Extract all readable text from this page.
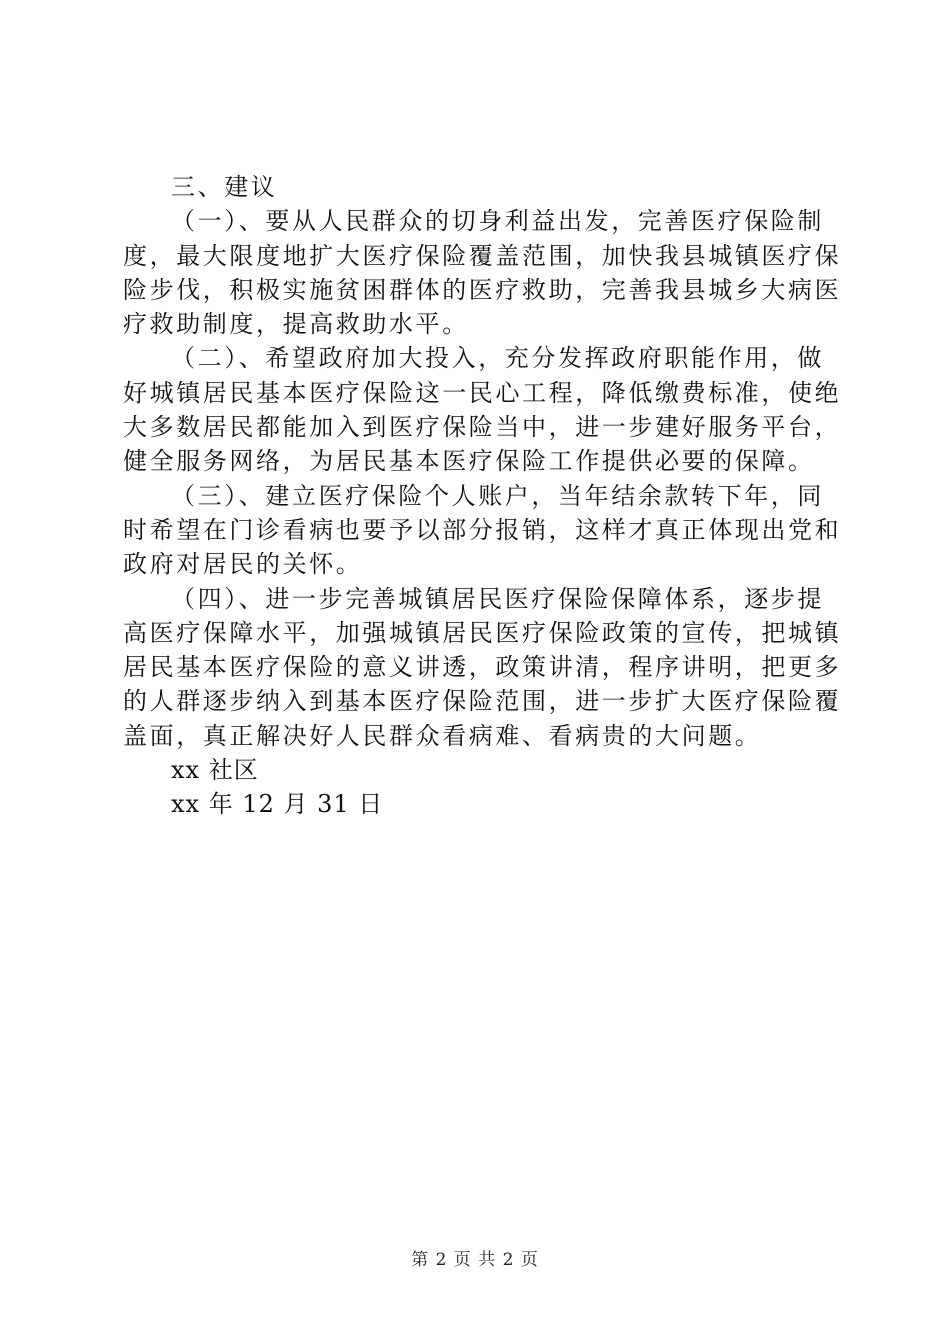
三、建议
（一）、要从人民群众的切身利益出发，完善医疗保险制
度，最大限度地扩大医疗保险覆盖范围，加快我县城镇医疗保
险步伐，积极实施贫困群体的医疗救助，完善我县城乡大病医
疗救助制度，提高救助水平。
（二）、希望政府加大投入，充分发挥政府职能作用，做
好城镇居民基本医疗保险这一民心工程，降低缴费标准，使绝
大多数居民都能加入到医疗保险当中，进一步建好服务平台，
健全服务网络，为居民基本医疗保险工作提供必要的保障。
（三）、建立医疗保险个人账户，当年结余款转下年，同
时希望在门诊看病也要予以部分报销，这样才真正体现出党和
政府对居民的关怀。
（四）、进一步完善城镇居民医疗保险保障体系，逐步提
高医疗保障水平，加强城镇居民医疗保险政策的宣传，把城镇
居民基本医疗保险的意义讲透，政策讲清，程序讲明，把更多
的人群逐步纳入到基本医疗保险范围，进一步扩大医疗保险覆
盖面，真正解决好人民群众看病难、看病贵的大问题。
xx 社区
xx 年 12 月 31 日
第 2 页 共 2 页
